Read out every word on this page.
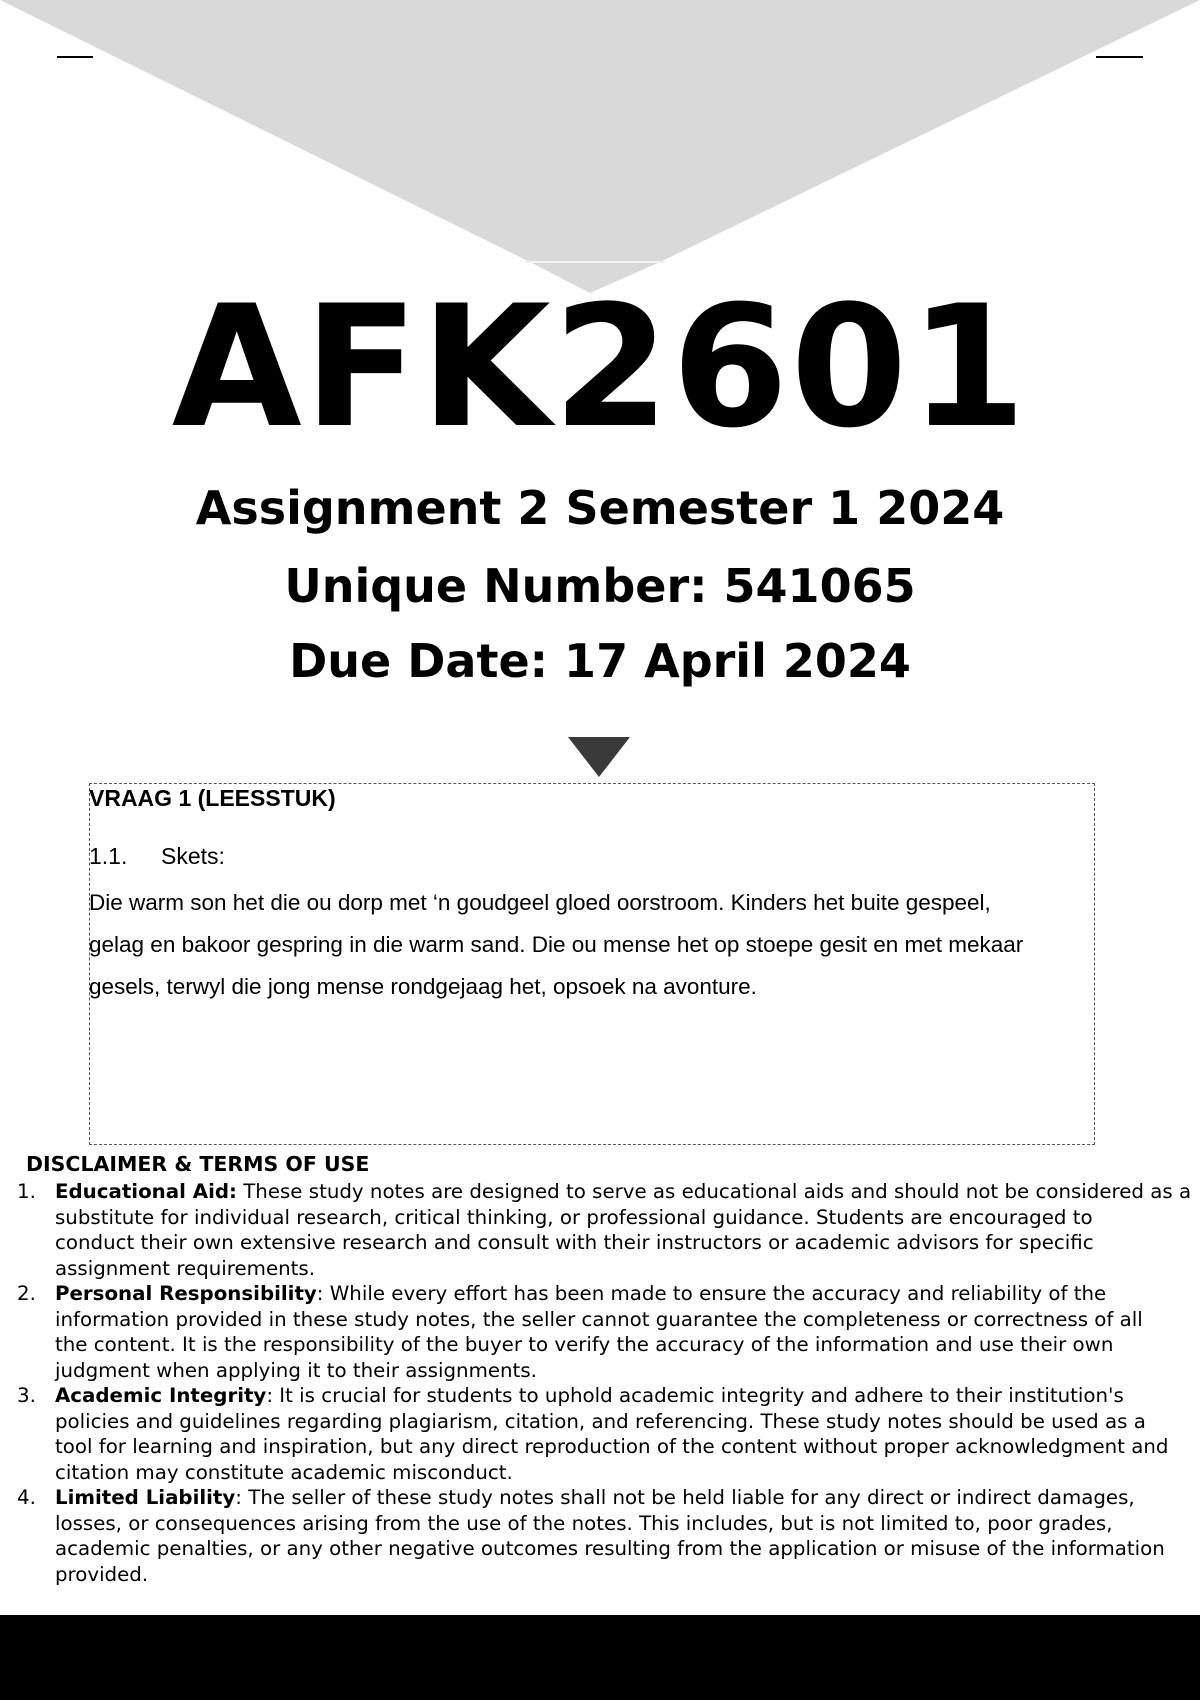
AFK2601
Assignment 2 Semester 1 2024
Unique Number: 541065
Due Date: 17 April 2024
VRAAG 1 (LEESSTUK)
1.1. Skets:
Die warm son het die ou dorp met ‘n goudgeel gloed oorstroom. Kinders het buite gespeel,
gelag en bakoor gespring in die warm sand. Die ou mense het op stoepe gesit en met mekaar
gesels, terwyl die jong mense rondgejaag het, opsoek na avonture.
DISCLAIMER & TERMS OF USE
1. Educational Aid: These study notes are designed to serve as educational aids and should not be considered as a
substitute for individual research, critical thinking, or professional guidance. Students are encouraged to
conduct their own extensive research and consult with their instructors or academic advisors for specific
assignment requirements.
2. Personal Responsibility: While every effort has been made to ensure the accuracy and reliability of the
information provided in these study notes, the seller cannot guarantee the completeness or correctness of all
the content. It is the responsibility of the buyer to verify the accuracy of the information and use their own
judgment when applying it to their assignments.
3. Academic Integrity: It is crucial for students to uphold academic integrity and adhere to their institution's
policies and guidelines regarding plagiarism, citation, and referencing. These study notes should be used as a
tool for learning and inspiration, but any direct reproduction of the content without proper acknowledgment and
citation may constitute academic misconduct.
4. Limited Liability: The seller of these study notes shall not be held liable for any direct or indirect damages,
losses, or consequences arising from the use of the notes. This includes, but is not limited to, poor grades,
academic penalties, or any other negative outcomes resulting from the application or misuse of the information
provided.
